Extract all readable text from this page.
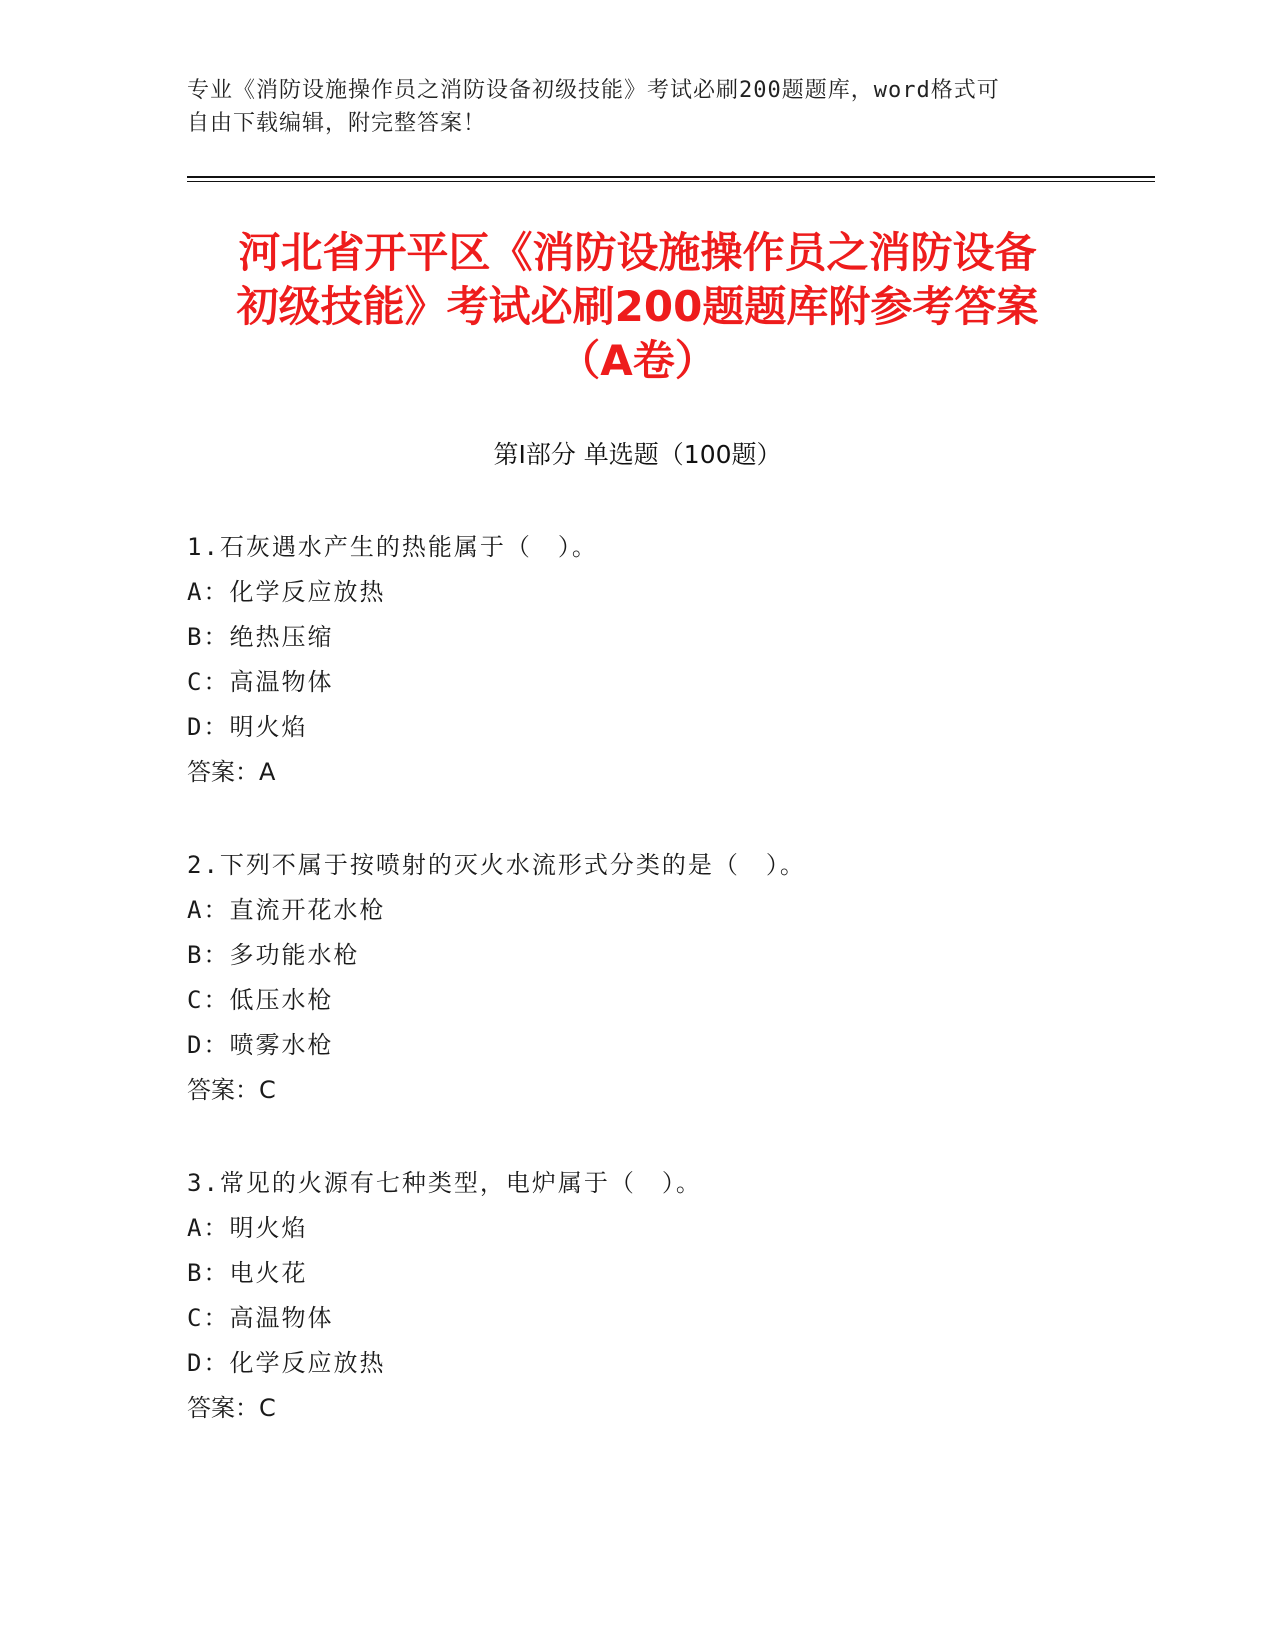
专业《消防设施操作员之消防设备初级技能》考试必刷200题题库，word格式可
自由下载编辑，附完整答案！
河北省开平区《消防设施操作员之消防设备
初级技能》考试必刷200题题库附参考答案
（A卷）
第Ⅰ部分 单选题（100题）
1.石灰遇水产生的热能属于（　）。
A：化学反应放热
B：绝热压缩
C：高温物体
D：明火焰
答案：A
2.下列不属于按喷射的灭火水流形式分类的是（　）。
A：直流开花水枪
B：多功能水枪
C：低压水枪
D：喷雾水枪
答案：C
3.常见的火源有七种类型，电炉属于（　）。
A：明火焰
B：电火花
C：高温物体
D：化学反应放热
答案：C
